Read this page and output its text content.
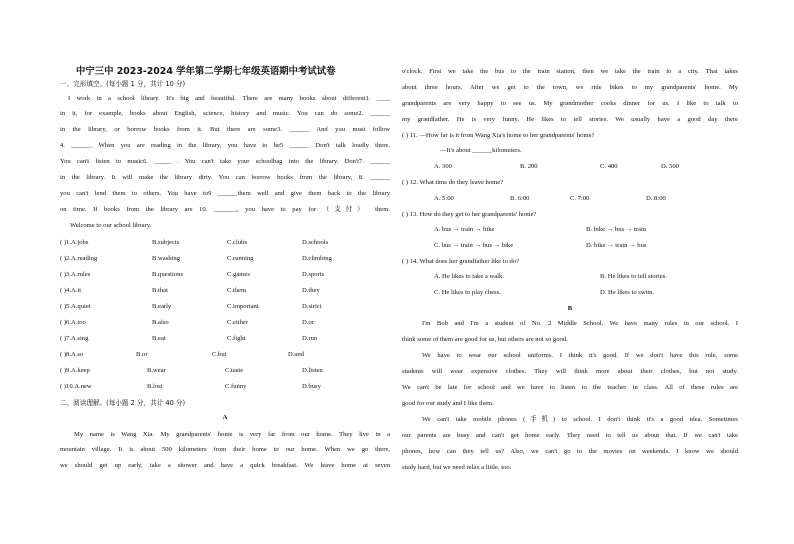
中宁三中 2023-2024 学年第二学期七年级英语期中考试试卷
一、完形填空。(每小题 1 分，共计 10 分)
I work in a school library. It's big and beautiful. There are many books about different1. ____
in it, for example, books about English, science, history and music. You can do some2. ______
in the library, or borrow books from it. But there are some3. ______ And you must follow
4. ______. When you are reading in the library, you have to be5 ______ Don't talk loudly there.
You can't listen to music6. _____ . You can't take your schoolbag into the library. Don't7. ______
in the library. It will make the library dirty. You can borrow books from the library, 8. ______
you can't lend them to others. You have to9 ______them well and give them back to the library
on time. If books from the library are 10. _______, you have to pay for （支付） them.
Welcome to our school library.
( )1.A.jobs	B.subjects	C.clubs	D.schools
( )2.A.reading	B.washing	C.running	D.climbing
( )3.A.rules	B.questions	C.games	D.sports
( )4.A.it	B.that	C.them	D.they
( )5.A.quiet	B.early	C.important	D.strict
( )6.A.too	B.also	C.either	D.or
( )7.A.sing	B.eat	C.fight	D.run
( )8.A.so	B.or	C.but	D.and
( )9.A.keep	B.wear	C.taste	D.listen
( )10.A.new	B.lost	C.funny	D.busy
二、阅读理解。(每小题 2 分，共计 40 分)
A
My name is Wang Xia. My grandparents' home is very far from our home. They live in a
mountain village. It is about 500 kilometers from their home to our home. When we go there,
we should get up early, take a shower and have a quick breakfast. We leave home at seven
o'clock. First we take the bus to the train station, then we take the train to a city. That takes
about three hours. After we get to the town, we ride bikes to my grandparents' home. My
grandparents are very happy to see us. My grandmother cooks dinner for us. I like to talk to
my grandfather. He is very funny. He likes to tell stories. We usually have a good day there
( ) 11. —How far is it from Wang Xia's home to her grandparents' home?
—It's about ______kilometers.
A. 300	B. 200	C. 400	D. 500
( ) 12. What time do they leave home?
A. 5:00	B. 6:00	C. 7:00	D. 8:00
( ) 13. How do they get to her grandparents' home?
A. bus → train → bike	B. bike → bus → train
C. bus → train → bus → bike	D. bike → train → bus
( ) 14. What does her grandfather like to do?
A. He likes to take a walk.	B. He likes to tell stories.
C. He likes to play chess.	D. He likes to swim.
B
I'm Bob and I'm a student of No. 2 Middle School. We have many rules in our school. I
think some of them are good for us, but others are not so good.
We have to wear our school uniforms. I think it's good. If we don't have this rule, some
students will wear expensive clothes. They will think more about their clothes, but not study.
We can't be late for school and we have to listen to the teacher in class. All of these rules are
good for our study and I like them.
We can't take mobile phones (手机) to school. I don't think it's a good idea. Sometimes
our parents are busy and can't get home early. They need to tell us about that. If we can't take
phones, how can they tell us? Also, we can't go to the movies on weekends. I know we should
study hard, but we need relax a little, too.
